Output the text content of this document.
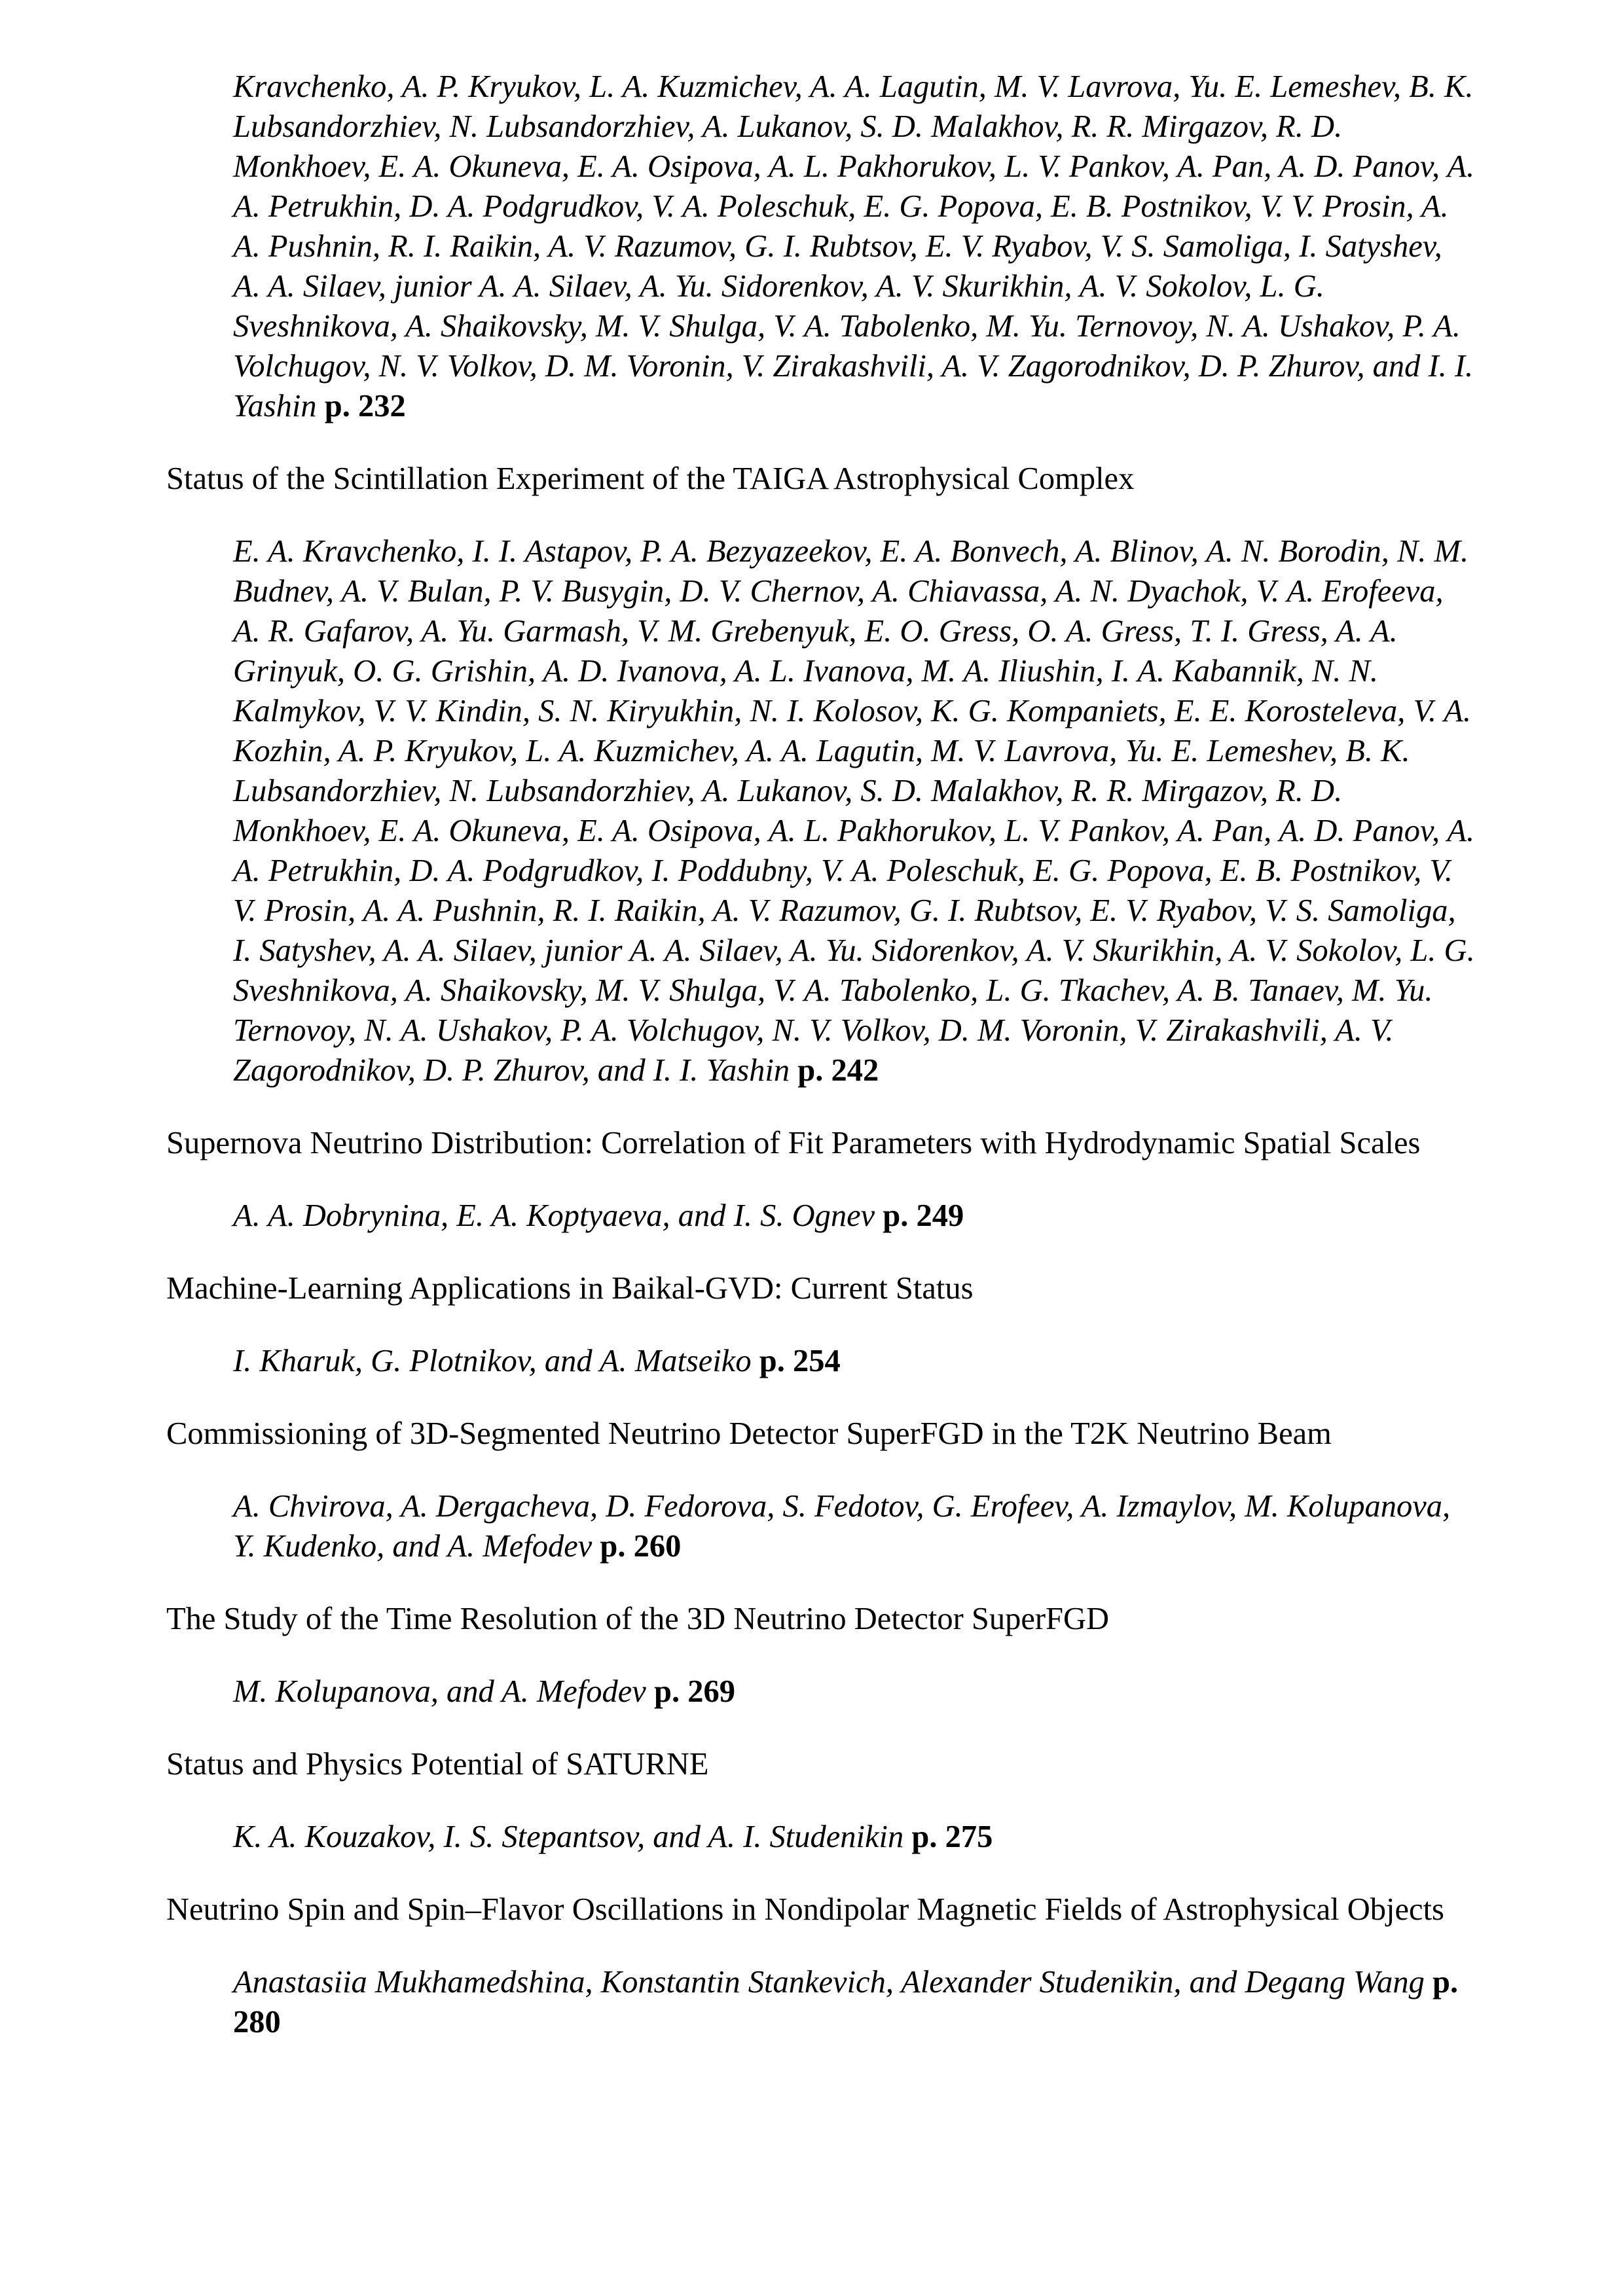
Kravchenko, A. P. Kryukov, L. A. Kuzmichev, A. A. Lagutin, M. V. Lavrova, Yu. E. Lemeshev, B. K. Lubsandorzhiev, N. Lubsandorzhiev, A. Lukanov, S. D. Malakhov, R. R. Mirgazov, R. D. Monkhoev, E. A. Okuneva, E. A. Osipova, A. L. Pakhorukov, L. V. Pankov, A. Pan, A. D. Panov, A. A. Petrukhin, D. A. Podgrudkov, V. A. Poleschuk, E. G. Popova, E. B. Postnikov, V. V. Prosin, A. A. Pushnin, R. I. Raikin, A. V. Razumov, G. I. Rubtsov, E. V. Ryabov, V. S. Samoliga, I. Satyshev, A. A. Silaev, junior A. A. Silaev, A. Yu. Sidorenkov, A. V. Skurikhin, A. V. Sokolov, L. G. Sveshnikova, A. Shaikovsky, M. V. Shulga, V. A. Tabolenko, M. Yu. Ternovoy, N. A. Ushakov, P. A. Volchugov, N. V. Volkov, D. M. Voronin, V. Zirakashvili, A. V. Zagorodnikov, D. P. Zhurov, and I. I. Yashin p. 232

Status of the Scintillation Experiment of the TAIGA Astrophysical Complex

E. A. Kravchenko, I. I. Astapov, P. A. Bezyazeekov, E. A. Bonvech, A. Blinov, A. N. Borodin, N. M. Budnev, A. V. Bulan, P. V. Busygin, D. V. Chernov, A. Chiavassa, A. N. Dyachok, V. A. Erofeeva, A. R. Gafarov, A. Yu. Garmash, V. M. Grebenyuk, E. O. Gress, O. A. Gress, T. I. Gress, A. A. Grinyuk, O. G. Grishin, A. D. Ivanova, A. L. Ivanova, M. A. Iliushin, I. A. Kabannik, N. N. Kalmykov, V. V. Kindin, S. N. Kiryukhin, N. I. Kolosov, K. G. Kompaniets, E. E. Korosteleva, V. A. Kozhin, A. P. Kryukov, L. A. Kuzmichev, A. A. Lagutin, M. V. Lavrova, Yu. E. Lemeshev, B. K. Lubsandorzhiev, N. Lubsandorzhiev, A. Lukanov, S. D. Malakhov, R. R. Mirgazov, R. D. Monkhoev, E. A. Okuneva, E. A. Osipova, A. L. Pakhorukov, L. V. Pankov, A. Pan, A. D. Panov, A. A. Petrukhin, D. A. Podgrudkov, I. Poddubny, V. A. Poleschuk, E. G. Popova, E. B. Postnikov, V. V. Prosin, A. A. Pushnin, R. I. Raikin, A. V. Razumov, G. I. Rubtsov, E. V. Ryabov, V. S. Samoliga, I. Satyshev, A. A. Silaev, junior A. A. Silaev, A. Yu. Sidorenkov, A. V. Skurikhin, A. V. Sokolov, L. G. Sveshnikova, A. Shaikovsky, M. V. Shulga, V. A. Tabolenko, L. G. Tkachev, A. B. Tanaev, M. Yu. Ternovoy, N. A. Ushakov, P. A. Volchugov, N. V. Volkov, D. M. Voronin, V. Zirakashvili, A. V. Zagorodnikov, D. P. Zhurov, and I. I. Yashin p. 242

Supernova Neutrino Distribution: Correlation of Fit Parameters with Hydrodynamic Spatial Scales

A. A. Dobrynina, E. A. Koptyaeva, and I. S. Ognev p. 249

Machine-Learning Applications in Baikal-GVD: Current Status

I. Kharuk, G. Plotnikov, and A. Matseiko p. 254

Commissioning of 3D-Segmented Neutrino Detector SuperFGD in the T2K Neutrino Beam

A. Chvirova, A. Dergacheva, D. Fedorova, S. Fedotov, G. Erofeev, A. Izmaylov, M. Kolupanova, Y. Kudenko, and A. Mefodev p. 260

The Study of the Time Resolution of the 3D Neutrino Detector SuperFGD

M. Kolupanova, and A. Mefodev p. 269

Status and Physics Potential of SATURNE

K. A. Kouzakov, I. S. Stepantsov, and A. I. Studenikin p. 275

Neutrino Spin and Spin–Flavor Oscillations in Nondipolar Magnetic Fields of Astrophysical Objects

Anastasiia Mukhamedshina, Konstantin Stankevich, Alexander Studenikin, and Degang Wang p. 280
